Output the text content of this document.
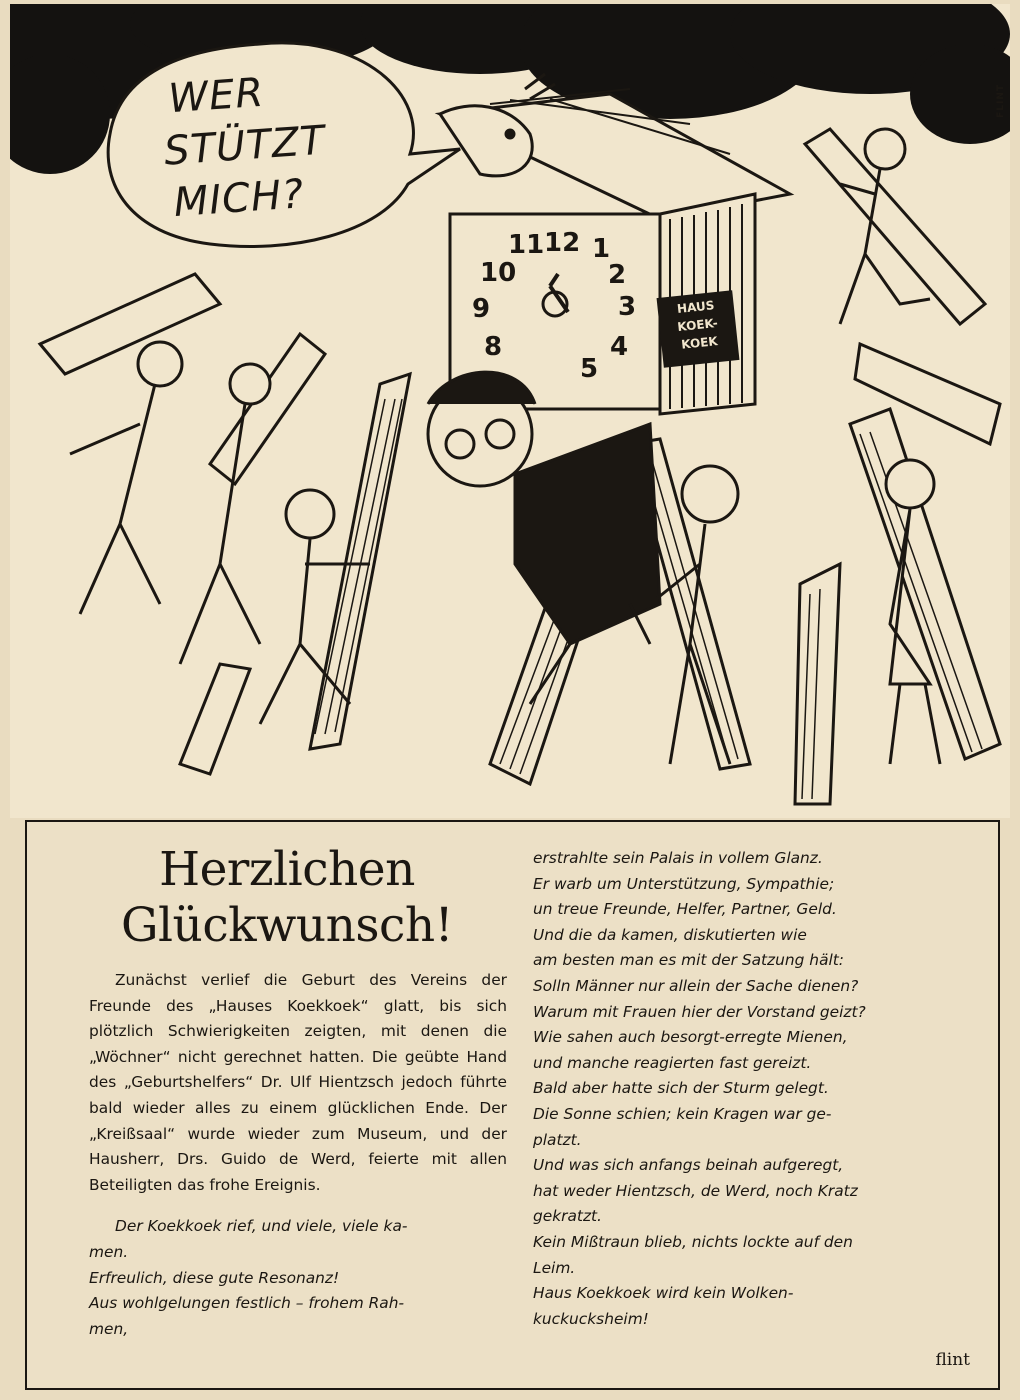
WER
STÜTZT
MICH?
FLINT
11 12 1
10	2
9	3
8	4
5
HAUS
KOEK-
KOEK
Herzlichen
Glückwunsch!

Zunächst verlief die Geburt des Vereins der Freunde des „Hauses Koekkoek“ glatt, bis sich plötzlich Schwierigkeiten zeigten, mit denen die „Wöchner“ nicht gerechnet hatten. Die geübte Hand des „Geburtshelfers“ Dr. Ulf Hientzsch jedoch führte bald wieder alles zu einem glücklichen Ende. Der „Kreißsaal“ wurde wieder zum Museum, und der Hausherr, Drs. Guido de Werd, feierte mit allen Beteiligten das frohe Ereignis.

Der Koekkoek rief, und viele, viele ka-
men.
Erfreulich, diese gute Resonanz!
Aus wohlgelungen festlich – frohem Rah-
men,
erstrahlte sein Palais in vollem Glanz.
Er warb um Unterstützung, Sympathie;
un treue Freunde, Helfer, Partner, Geld.
Und die da kamen, diskutierten wie
am besten man es mit der Satzung hält:
Solln Männer nur allein der Sache dienen?
Warum mit Frauen hier der Vorstand geizt?
Wie sahen auch besorgt-erregte Mienen,
und manche reagierten fast gereizt.
Bald aber hatte sich der Sturm gelegt.
Die Sonne schien; kein Kragen war ge-
platzt.
Und was sich anfangs beinah aufgeregt,
hat weder Hientzsch, de Werd, noch Kratz
gekratzt.
Kein Mißtraun blieb, nichts lockte auf den
Leim.
Haus Koekkoek wird kein Wolken-
kuckucksheim!
flint
